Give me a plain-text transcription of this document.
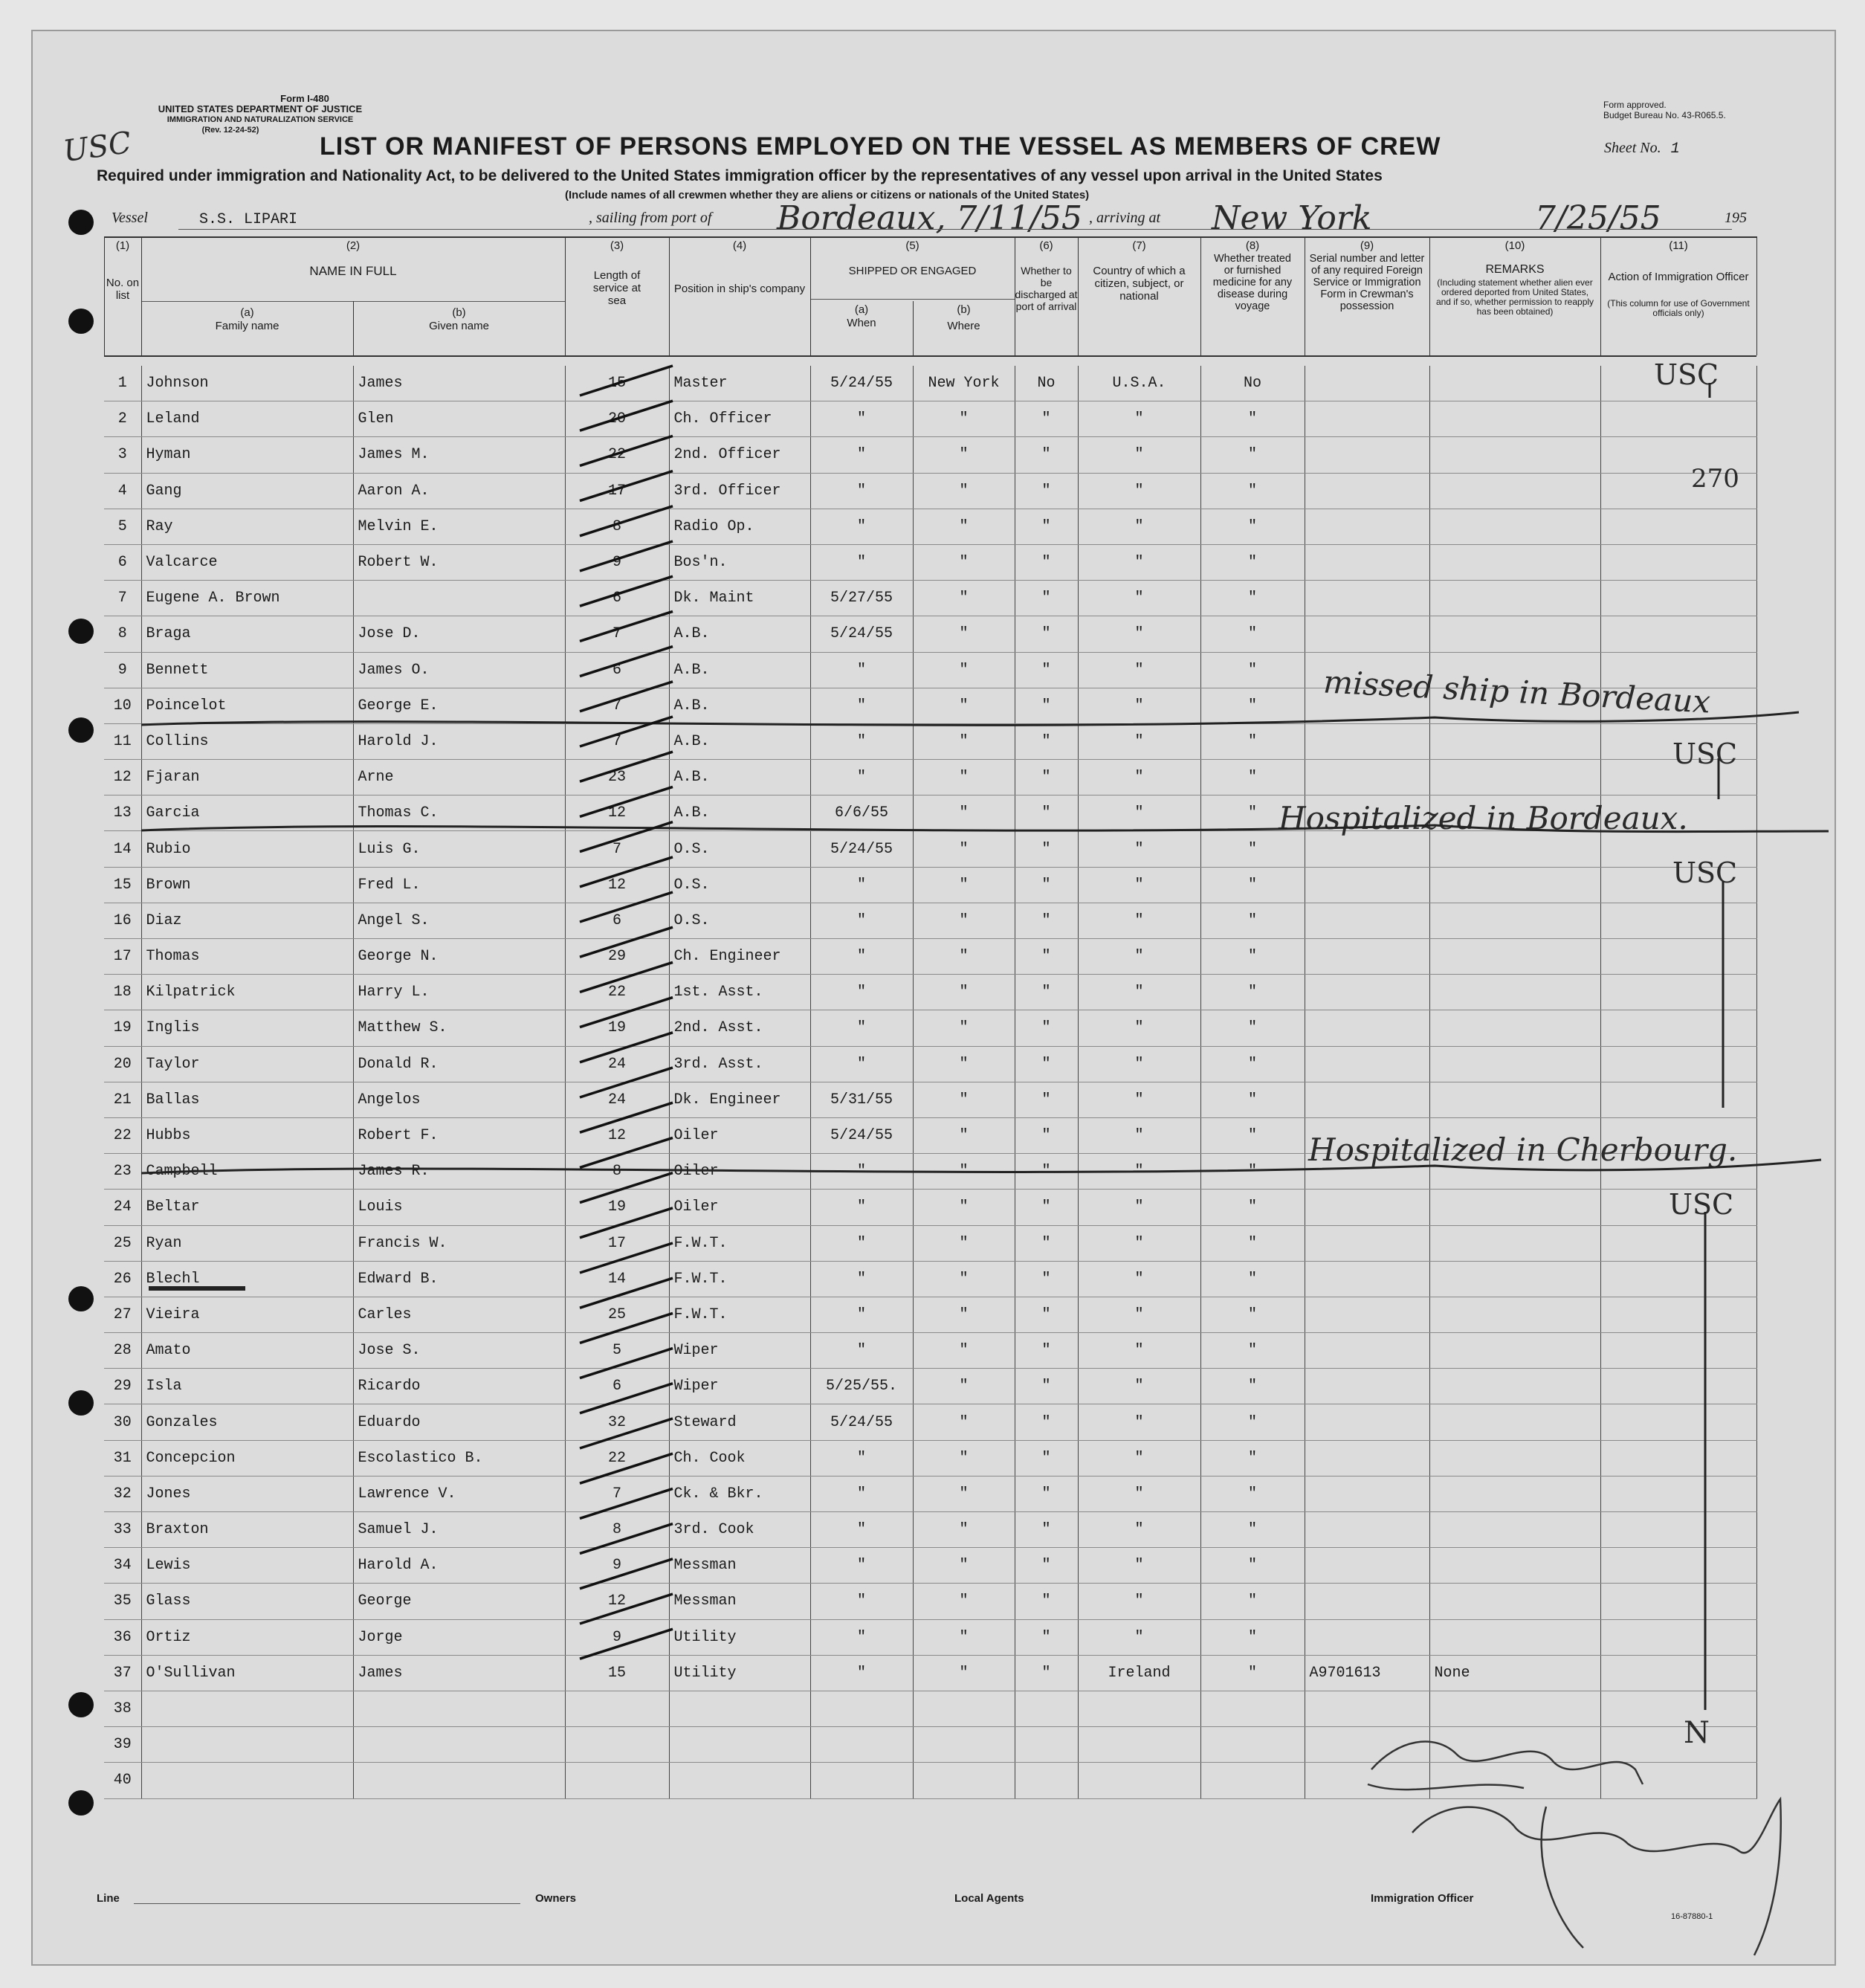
Form I-480
UNITED STATES DEPARTMENT OF JUSTICE
IMMIGRATION AND NATURALIZATION SERVICE
(Rev. 12-24-52)
Form approved.
Budget Bureau No. 43-R065.5.
LIST OR MANIFEST OF PERSONS EMPLOYED ON THE VESSEL AS MEMBERS OF CREW	Sheet No. 1
Required under immigration and Nationality Act, to be delivered to the United States immigration officer by the representatives of any vessel upon arrival in the United States
(Include names of all crewmen whether they are aliens or citizens or nationals of the United States)
Vessel	S.S. LIPARI	, sailing from port of Bordeaux, 7/11/55 , arriving at New York	7/25/55	195
USC
(1)
No. on list
(2)
NAME IN FULL
(a)
Family name
(b)
Given name
(3)
Length of service at sea
(4)
Position in ship's company
(5)
SHIPPED OR ENGAGED
(a)
When
(b)
Where
(6)
Whether to be discharged at port of arrival
(7)
Country of which a citizen, subject, or national
(8)
Whether treated or furnished medicine for any disease during voyage
(9)
Serial number and letter of any required Foreign Service or Immigration Form in Crewman's possession
(10)
REMARKS
(Including statement whether alien ever ordered deported from United States, and if so, whether permission to reapply has been obtained)
(11)
Action of Immigration Officer
(This column for use of Government officials only)
1	Johnson	James	15	Master	5/24/55	New York	No	U.S.A.	No			
2	Leland	Glen	20	Ch. Officer	"	"	"	"	"			
3	Hyman	James M.	22	2nd. Officer	"	"	"	"	"			
4	Gang	Aaron A.	17	3rd. Officer	"	"	"	"	"			
5	Ray	Melvin E.	8	Radio Op.	"	"	"	"	"			
6	Valcarce	Robert W.	9	Bos'n.	"	"	"	"	"			
7	Eugene A. Brown		6	Dk. Maint	5/27/55	"	"	"	"			
8	Braga	Jose D.	7	A.B.	5/24/55	"	"	"	"			
9	Bennett	James O.	6	A.B.	"	"	"	"	"			
10	Poincelot	George E.	7	A.B.	"	"	"	"	"			
11	Collins	Harold J.	7	A.B.	"	"	"	"	"			
12	Fjaran	Arne	23	A.B.	"	"	"	"	"			
13	Garcia	Thomas C.	12	A.B.	6/6/55	"	"	"	"			
14	Rubio	Luis G.	7	O.S.	5/24/55	"	"	"	"			
15	Brown	Fred L.	12	O.S.	"	"	"	"	"			
16	Diaz	Angel S.	6	O.S.	"	"	"	"	"			
17	Thomas	George N.	29	Ch. Engineer	"	"	"	"	"			
18	Kilpatrick	Harry L.	22	1st. Asst.	"	"	"	"	"			
19	Inglis	Matthew S.	19	2nd. Asst.	"	"	"	"	"			
20	Taylor	Donald R.	24	3rd. Asst.	"	"	"	"	"			
21	Ballas	Angelos	24	Dk. Engineer	5/31/55	"	"	"	"			
22	Hubbs	Robert F.	12	Oiler	5/24/55	"	"	"	"			
23	Campbell	James R.	8	Oiler	"	"	"	"	"			
24	Beltar	Louis	19	Oiler	"	"	"	"	"			
25	Ryan	Francis W.	17	F.W.T.	"	"	"	"	"			
26	Blechl	Edward B.	14	F.W.T.	"	"	"	"	"			
27	Vieira	Carles	25	F.W.T.	"	"	"	"	"			
28	Amato	Jose S.	5	Wiper	"	"	"	"	"			
29	Isla	Ricardo	6	Wiper	5/25/55.	"	"	"	"			
30	Gonzales	Eduardo	32	Steward	5/24/55	"	"	"	"			
31	Concepcion	Escolastico B.	22	Ch. Cook	"	"	"	"	"			
32	Jones	Lawrence V.	7	Ck. & Bkr.	"	"	"	"	"			
33	Braxton	Samuel J.	8	3rd. Cook	"	"	"	"	"			
34	Lewis	Harold A.	9	Messman	"	"	"	"	"			
35	Glass	George	12	Messman	"	"	"	"	"			
36	Ortiz	Jorge	9	Utility	"	"	"	"	"			
37	O'Sullivan	James	15	Utility	"	"	"	Ireland	"	A9701613	None	
38												
39												
40												
USC
270
missed ship in Bordeaux
USC
Hospitalized in Bordeaux.
USC
Hospitalized in Cherbourg.
USC
N
Line	Owners	Local Agents	Immigration Officer
16-87880-1
